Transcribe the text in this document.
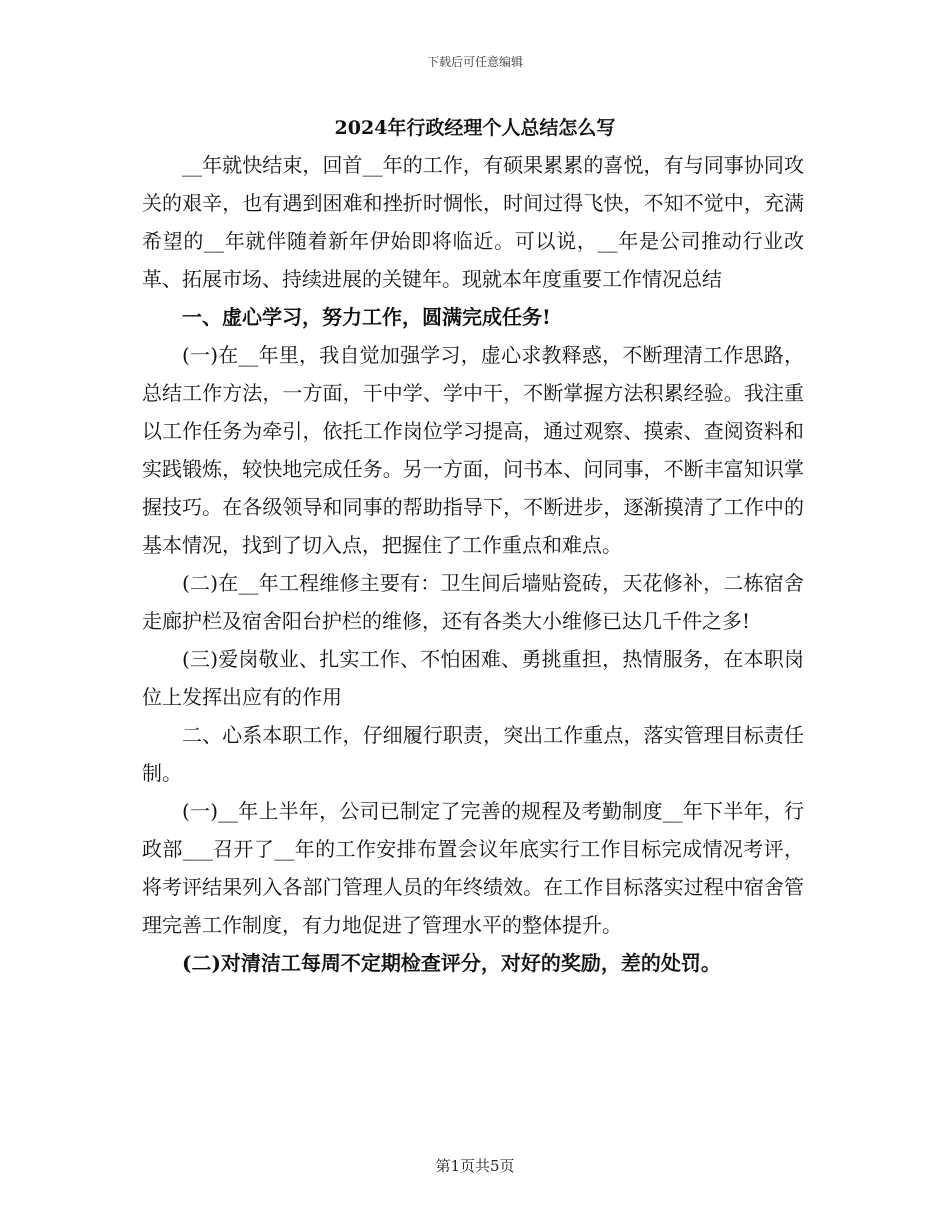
下载后可任意编辑
2024年行政经理个人总结怎么写

__年就快结束，回首__年的工作，有硕果累累的喜悦，有与同事协同攻关的艰辛，也有遇到困难和挫折时惆怅，时间过得飞快，不知不觉中，充满希望的__年就伴随着新年伊始即将临近。可以说，__年是公司推动行业改革、拓展市场、持续进展的关键年。现就本年度重要工作情况总结

一、虚心学习，努力工作，圆满完成任务!

(一)在__年里，我自觉加强学习，虚心求教释惑，不断理清工作思路，总结工作方法，一方面，干中学、学中干，不断掌握方法积累经验。我注重以工作任务为牵引，依托工作岗位学习提高，通过观察、摸索、查阅资料和实践锻炼，较快地完成任务。另一方面，问书本、问同事，不断丰富知识掌握技巧。在各级领导和同事的帮助指导下，不断进步，逐渐摸清了工作中的基本情况，找到了切入点，把握住了工作重点和难点。

(二)在__年工程维修主要有：卫生间后墙贴瓷砖，天花修补，二栋宿舍走廊护栏及宿舍阳台护栏的维修，还有各类大小维修已达几千件之多!

(三)爱岗敬业、扎实工作、不怕困难、勇挑重担，热情服务，在本职岗位上发挥出应有的作用

二、心系本职工作，仔细履行职责，突出工作重点，落实管理目标责任制。

(一)__年上半年，公司已制定了完善的规程及考勤制度__年下半年，行政部___召开了__年的工作安排布置会议年底实行工作目标完成情况考评，将考评结果列入各部门管理人员的年终绩效。在工作目标落实过程中宿舍管理完善工作制度，有力地促进了管理水平的整体提升。

(二)对清洁工每周不定期检查评分，对好的奖励，差的处罚。

第1页共5页
